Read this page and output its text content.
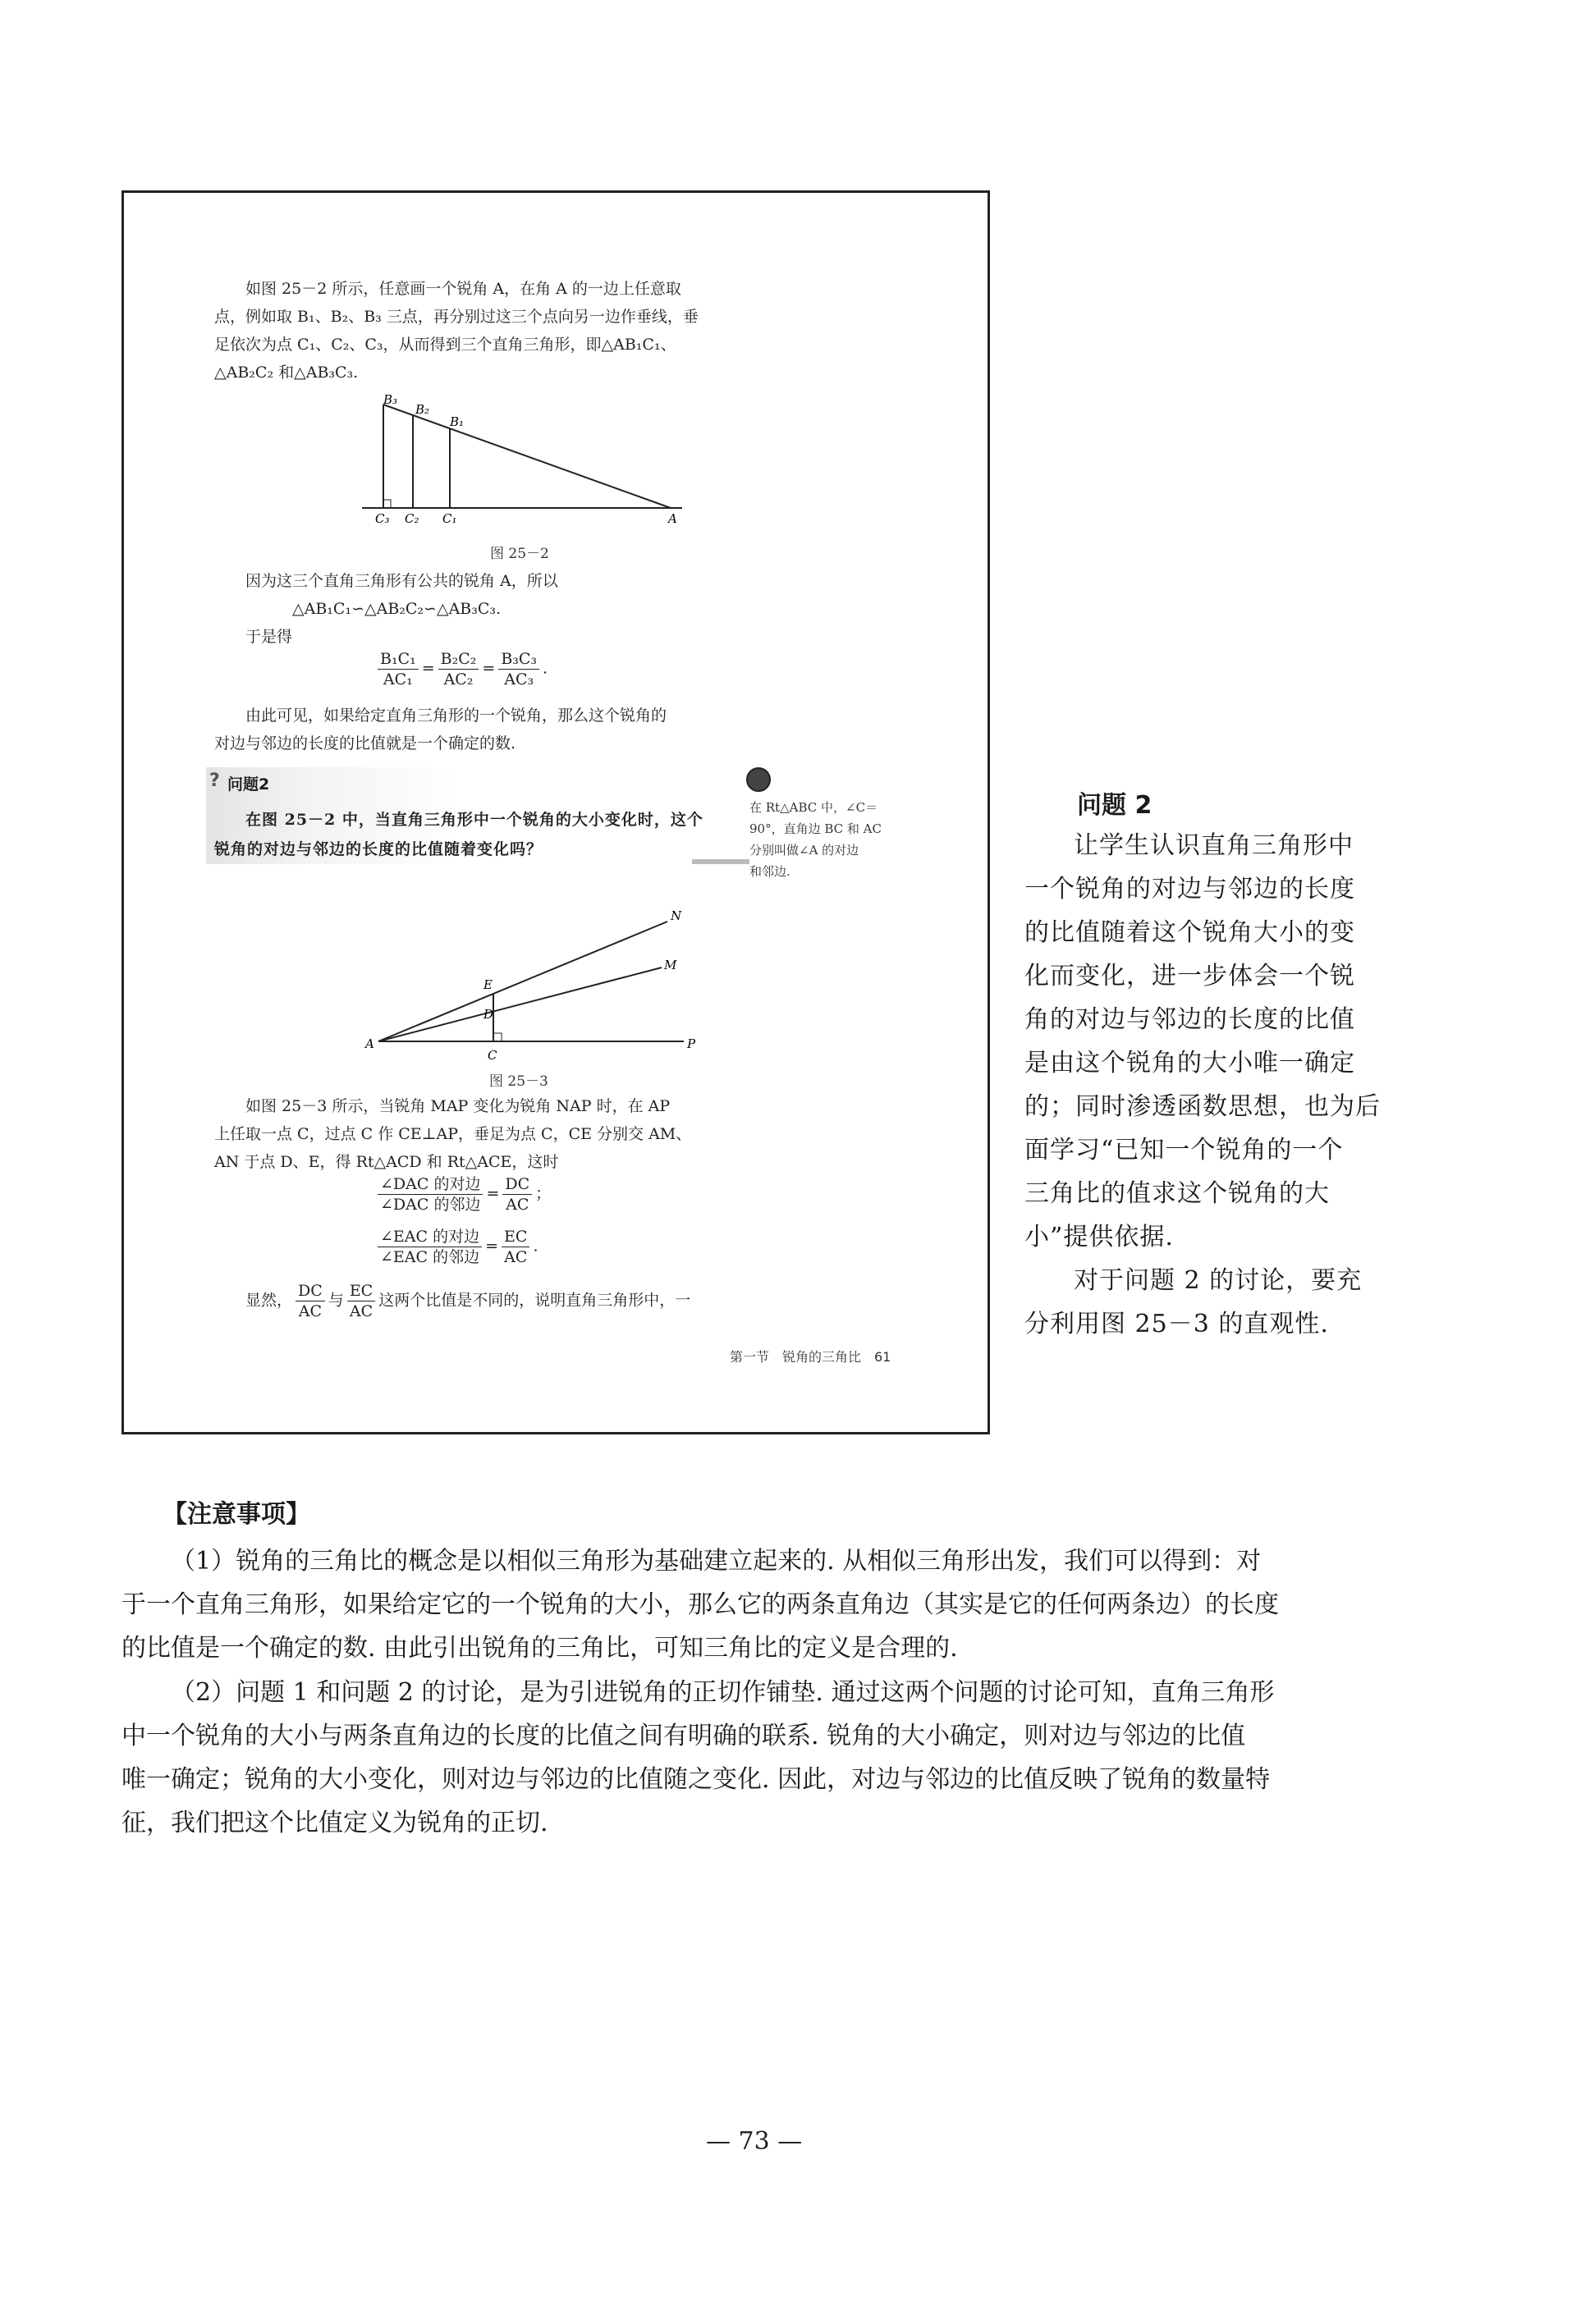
如图 25－2 所示，任意画一个锐角 A，在角 A 的一边上任意取
点，例如取 B₁、B₂、B₃ 三点，再分别过这三个点向另一边作垂线，垂
足依次为点 C₁、C₂、C₃，从而得到三个直角三角形，即△AB₁C₁、
△AB₂C₂ 和△AB₃C₃.
B₃
B₂
B₁
C₃ C₂ C₁	A
图 25－2
因为这三个直角三角形有公共的锐角 A，所以
△AB₁C₁∽△AB₂C₂∽△AB₃C₃.
于是得
$\frac{\text{B₁C₁}}{\text{AC₁}} = \frac{\text{B₂C₂}}{\text{AC₂}} = \frac{\text{B₃C₃}}{\text{AC₃}}$ .
由此可见，如果给定直角三角形的一个锐角，那么这个锐角的
对边与邻边的长度的比值就是一个确定的数.
? 问题2
在图 25－2 中，当直角三角形中一个锐角的大小变化时，这个
锐角的对边与邻边的长度的比值随着变化吗？
在 Rt△ABC 中，∠C＝
90°，直角边 BC 和 AC
分别叫做∠A 的对边
和邻边.
N
M
E
D
A
C
P
图 25－3
如图 25－3 所示，当锐角 MAP 变化为锐角 NAP 时，在 AP
上任取一点 C，过点 C 作 CE⊥AP，垂足为点 C，CE 分别交 AM、
AN 于点 D、E，得 Rt△ACD 和 Rt△ACE，这时
$\frac{\text{∠DAC 的对边}}{\text{∠DAC 的邻边}} = \frac{DC}{AC}$ ；
$\frac{\text{∠EAC 的对边}}{\text{∠EAC 的邻边}} = \frac{EC}{AC}$ .
显然， $\frac{DC}{AC}$ 与 $\frac{EC}{AC}$ 这两个比值是不同的，说明直角三角形中，一
第一节　锐角的三角比　61
问题 2
让学生认识直角三角形中
一个锐角的对边与邻边的长度
的比值随着这个锐角大小的变
化而变化，进一步体会一个锐
角的对边与邻边的长度的比值
是由这个锐角的大小唯一确定
的；同时渗透函数思想，也为后
面学习“已知一个锐角的一个
三角比的值求这个锐角的大
小”提供依据.
对于问题 2 的讨论，要充
分利用图 25－3 的直观性.
【注意事项】
（1）锐角的三角比的概念是以相似三角形为基础建立起来的. 从相似三角形出发，我们可以得到：对
于一个直角三角形，如果给定它的一个锐角的大小，那么它的两条直角边（其实是它的任何两条边）的长度
的比值是一个确定的数. 由此引出锐角的三角比，可知三角比的定义是合理的.
（2）问题 1 和问题 2 的讨论，是为引进锐角的正切作铺垫. 通过这两个问题的讨论可知，直角三角形
中一个锐角的大小与两条直角边的长度的比值之间有明确的联系. 锐角的大小确定，则对边与邻边的比值
唯一确定；锐角的大小变化，则对边与邻边的比值随之变化. 因此，对边与邻边的比值反映了锐角的数量特
征，我们把这个比值定义为锐角的正切.
— 73 —
